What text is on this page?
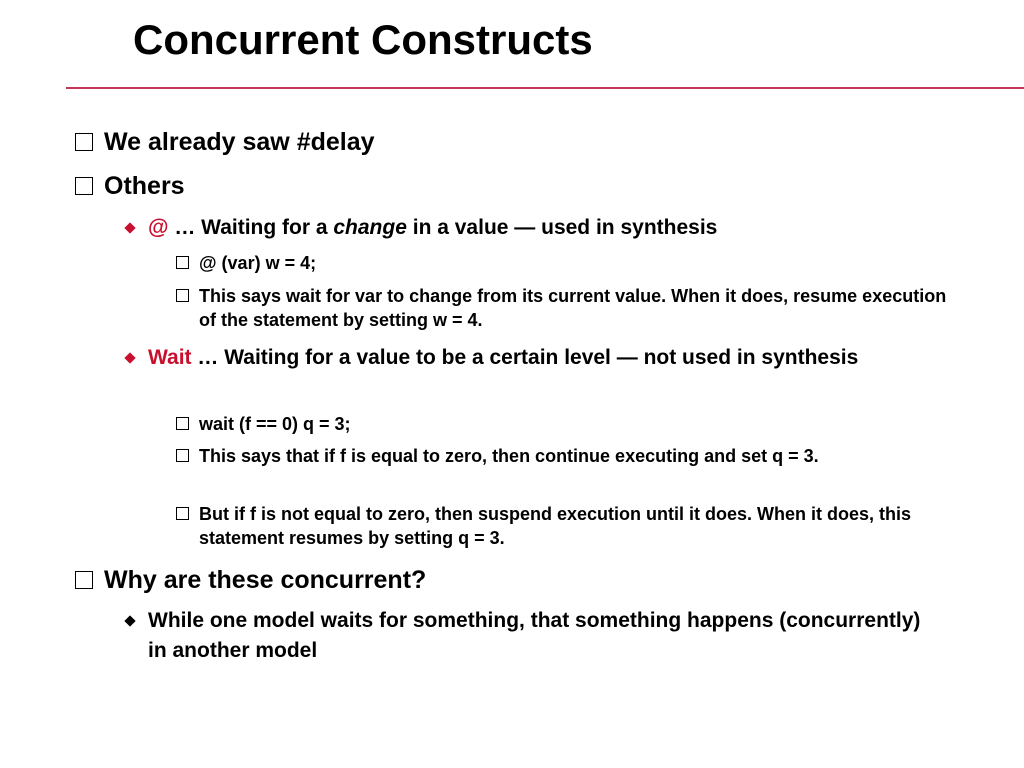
Concurrent Constructs
We already saw #delay
Others
@ … Waiting for a change in a value — used in synthesis
@ (var) w = 4;
This says wait for var to change from its current value. When it does, resume execution of the statement by setting w = 4.
Wait … Waiting for a value to be a certain level — not used in synthesis
wait (f == 0) q = 3;
This says that if f is equal to zero, then continue executing and set q = 3.
But if f is not equal to zero, then suspend execution until it does. When it does, this statement resumes by setting q = 3.
Why are these concurrent?
While one model waits for something, that something happens (concurrently) in another model
